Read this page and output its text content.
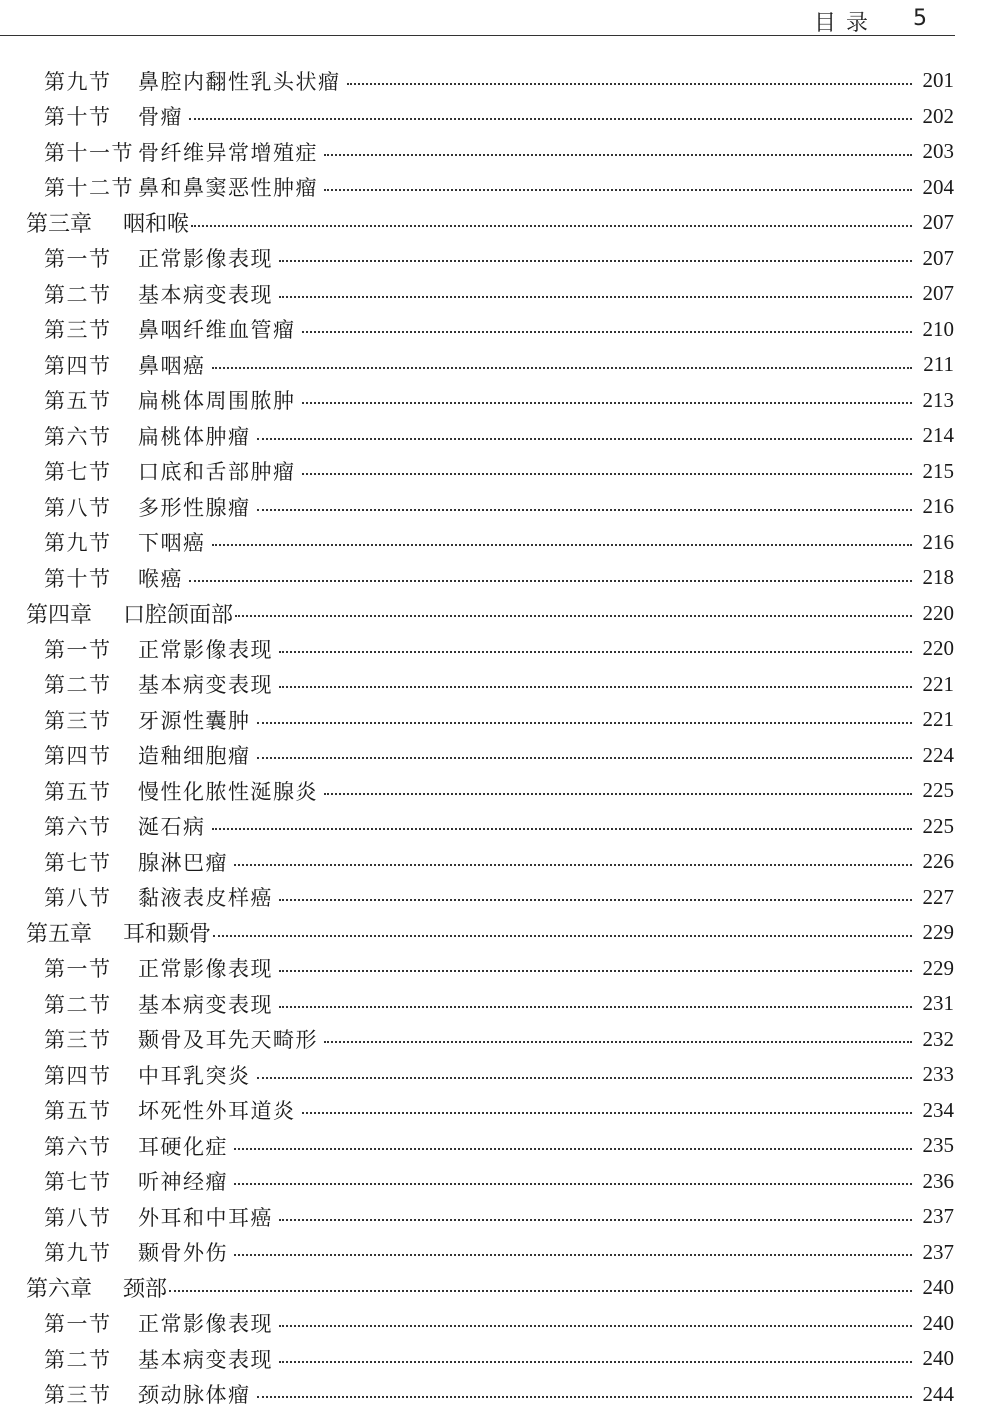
目录 5
第九节	鼻腔内翻性乳头状瘤	201
第十节	骨瘤	202
第十一节 骨纤维异常增殖症	203
第十二节 鼻和鼻窦恶性肿瘤	204
第三章	咽和喉	207
第一节	正常影像表现	207
第二节	基本病变表现	207
第三节	鼻咽纤维血管瘤	210
第四节	鼻咽癌	211
第五节	扁桃体周围脓肿	213
第六节	扁桃体肿瘤	214
第七节	口底和舌部肿瘤	215
第八节	多形性腺瘤	216
第九节	下咽癌	216
第十节	喉癌	218
第四章	口腔颌面部	220
第一节	正常影像表现	220
第二节	基本病变表现	221
第三节	牙源性囊肿	221
第四节	造釉细胞瘤	224
第五节	慢性化脓性涎腺炎	225
第六节	涎石病	225
第七节	腺淋巴瘤	226
第八节	黏液表皮样癌	227
第五章	耳和颞骨	229
第一节	正常影像表现	229
第二节	基本病变表现	231
第三节	颞骨及耳先天畸形	232
第四节	中耳乳突炎	233
第五节	坏死性外耳道炎	234
第六节	耳硬化症	235
第七节	听神经瘤	236
第八节	外耳和中耳癌	237
第九节	颞骨外伤	237
第六章	颈部	240
第一节	正常影像表现	240
第二节	基本病变表现	240
第三节	颈动脉体瘤	244
